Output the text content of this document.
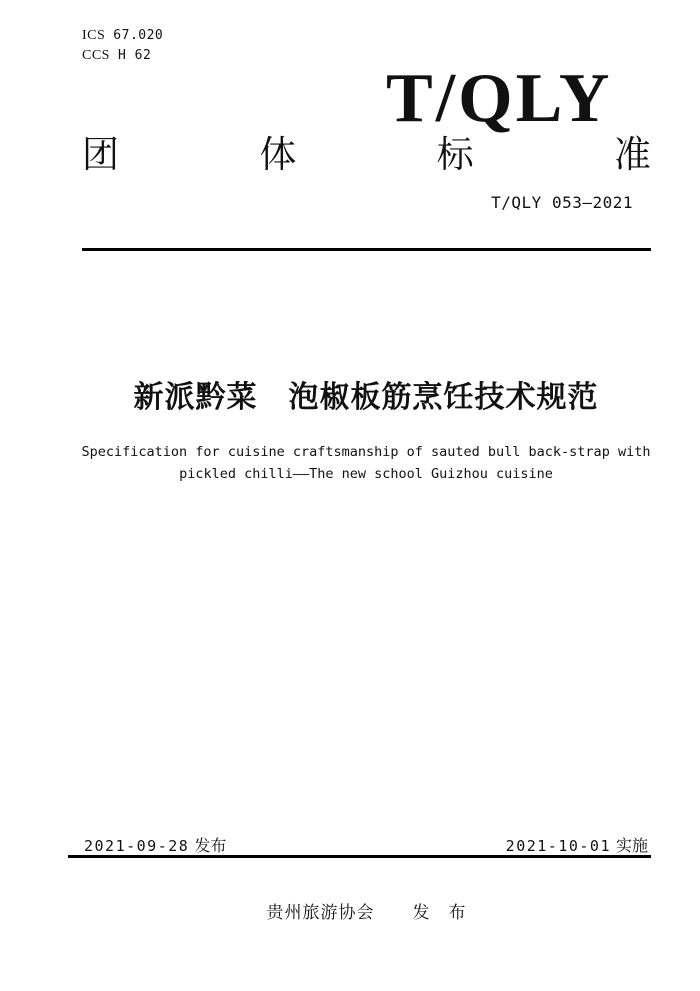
ICS 67.020
CCS H 62
T/QLY
团	体	标	准
T/QLY 053—2021
新派黔菜　泡椒板筋烹饪技术规范
Specification for cuisine craftsmanship of sauted bull back-strap with
pickled chilli——The new school Guizhou cuisine
2021-09-28 发布	2021-10-01 实施
贵州旅游协会 发　布
